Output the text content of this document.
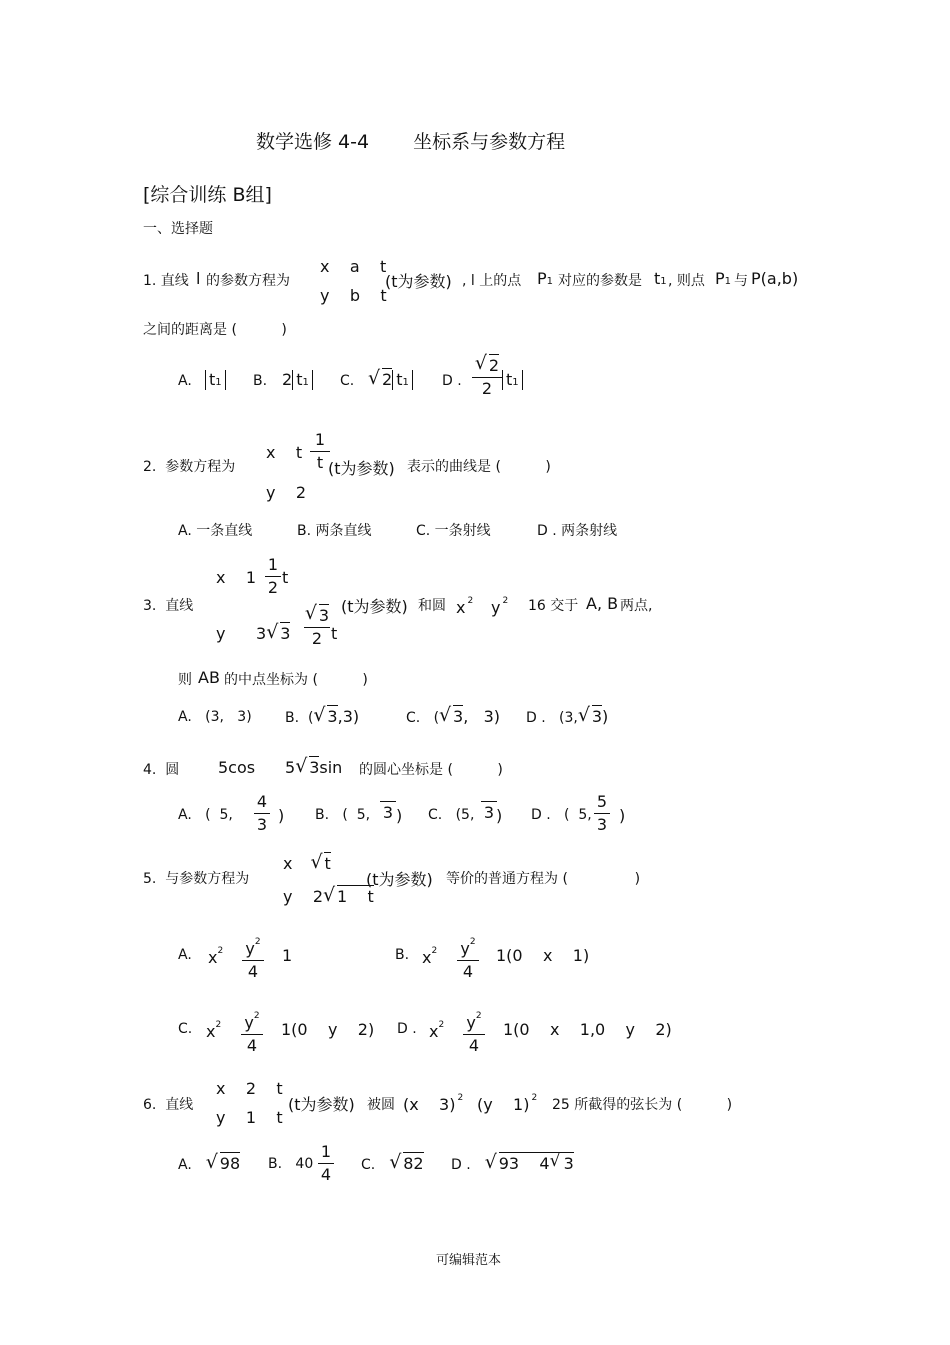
数学选修 4-4 坐标系与参数方程
[综合训练 B组]
一、选择题
1. 直线 l 的参数方程为
x    a    t
y    b    t
(t为参数) , l 上的点 P1 对应的参数是 t1 , 则点 P1 与 P(a,b)
之间的距离是 (          )
A. t1 B. 2 t1 C. √ 2 t1 D .
√ 2
2 t1
2.  参数方程为
x    t
1
t (t为参数)
y    2
表示的曲线是 (          )
A. 一条直线	B. 两条直线	C. 一条射线	D . 两条射线
3.  直线
x    1
1
2
t
y 3 √ 3
√ 3
2 t
(t为参数) 和圆 x $^2$ y $^2$ 16 交于 A, B 两点,
则 AB 的中点坐标为 (          )
A.   (3,   3) B.  ( √ 3,3)	C.   ( √ 3,   3) D .   (3, √ 3)
4.  圆 5cos 5 √ 3sin 的圆心坐标是 (          )
A.   (  5,
4
3 ) B.   (  5, 3 ) C.   (5, 3 ) D .   (  5,
5
3 )
5.  与参数方程为
x √ t
y    2 √ 1    t
(t为参数) 等价的普通方程为 (               )
A. $x^2$ $y^2$
4
1	B. $x^2$ $y^2$
4
1(0    x    1)
C. $x^2$ $y^2$
4
1(0    y    2) D . $x^2$ $y^2$
4
1(0    x    1,0    y    2)
6.  直线
x    2    t
y    1    t
(t为参数) 被圆 (x    3) $^2$ (y    1) $^2$ 25 所截得的弦长为 (          )
A. √ 98 B.   40
1
4 C. √ 82 D . √ 93    4 √ 3
可编辑范本
